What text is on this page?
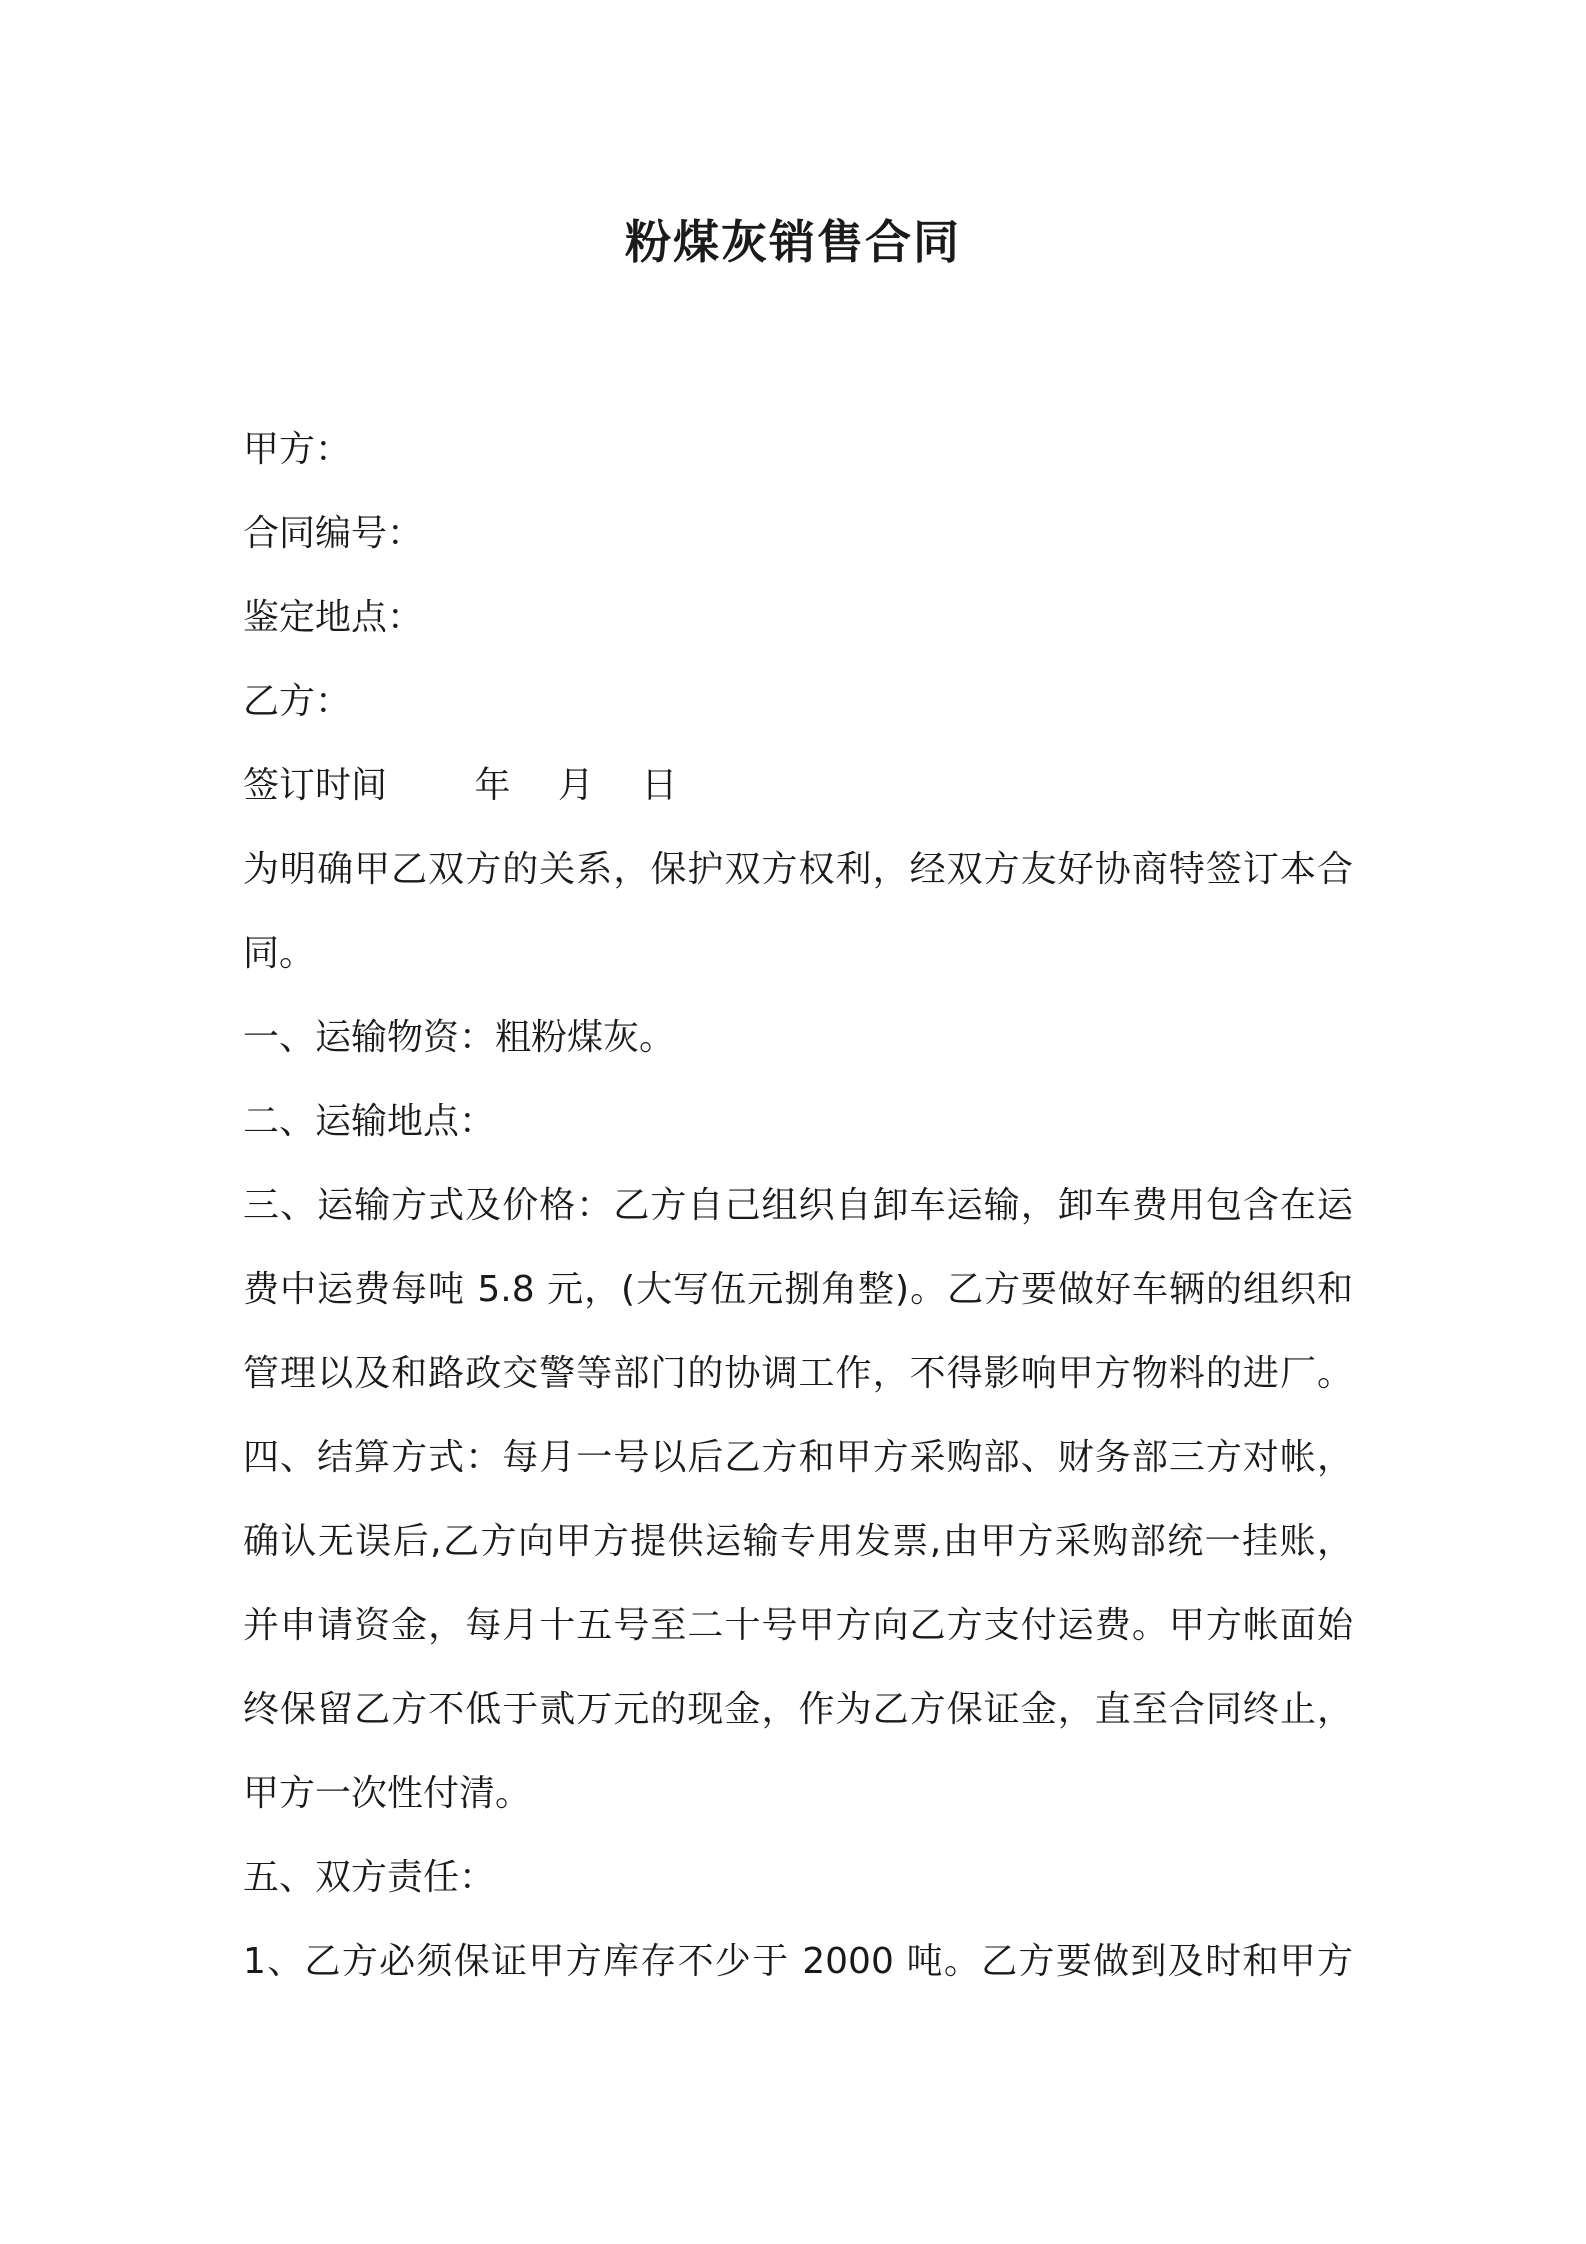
粉煤灰销售合同
甲方：
合同编号：
鉴定地点：
乙方：
签订时间 年 月 日
为明确甲乙双方的关系，保护双方权利，经双方友好协商特签订本合
同。
一、运输物资：粗粉煤灰。
二、运输地点：
三、运输方式及价格：乙方自己组织自卸车运输，卸车费用包含在运
费中运费每吨 5.8 元，(大写伍元捌角整)。乙方要做好车辆的组织和
管理以及和路政交警等部门的协调工作，不得影响甲方物料的进厂。
四、结算方式：每月一号以后乙方和甲方采购部、财务部三方对帐，
确认无误后,乙方向甲方提供运输专用发票,由甲方采购部统一挂账，
并申请资金，每月十五号至二十号甲方向乙方支付运费。甲方帐面始
终保留乙方不低于贰万元的现金，作为乙方保证金，直至合同终止，
甲方一次性付清。
五、双方责任：
1、乙方必须保证甲方库存不少于 2000 吨。乙方要做到及时和甲方
